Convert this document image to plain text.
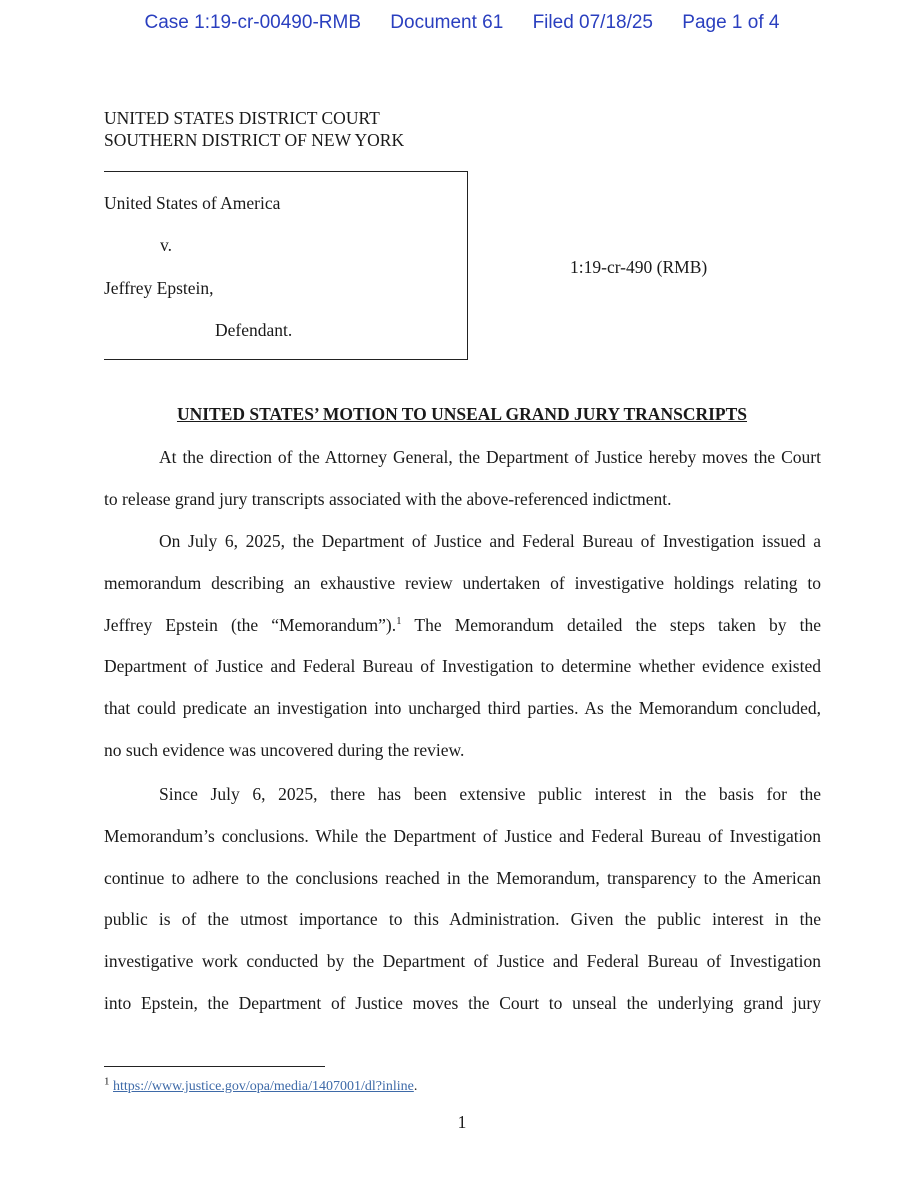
Case 1:19-cr-00490-RMB Document 61 Filed 07/18/25 Page 1 of 4
UNITED STATES DISTRICT COURT
SOUTHERN DISTRICT OF NEW YORK
United States of America
v.
Jeffrey Epstein,
Defendant.
1:19-cr-490 (RMB)
UNITED STATES’ MOTION TO UNSEAL GRAND JURY TRANSCRIPTS
At the direction of the Attorney General, the Department of Justice hereby moves the Court
to release grand jury transcripts associated with the above-referenced indictment.
On July 6, 2025, the Department of Justice and Federal Bureau of Investigation issued a
memorandum describing an exhaustive review undertaken of investigative holdings relating to
Jeffrey Epstein (the “Memorandum”).$^1$ The Memorandum detailed the steps taken by the
Department of Justice and Federal Bureau of Investigation to determine whether evidence existed
that could predicate an investigation into uncharged third parties. As the Memorandum concluded,
no such evidence was uncovered during the review.
Since July 6, 2025, there has been extensive public interest in the basis for the
Memorandum’s conclusions. While the Department of Justice and Federal Bureau of Investigation
continue to adhere to the conclusions reached in the Memorandum, transparency to the American
public is of the utmost importance to this Administration. Given the public interest in the
investigative work conducted by the Department of Justice and Federal Bureau of Investigation
into Epstein, the Department of Justice moves the Court to unseal the underlying grand jury
$^1$ https://www.justice.gov/opa/media/1407001/dl?inline.
1
